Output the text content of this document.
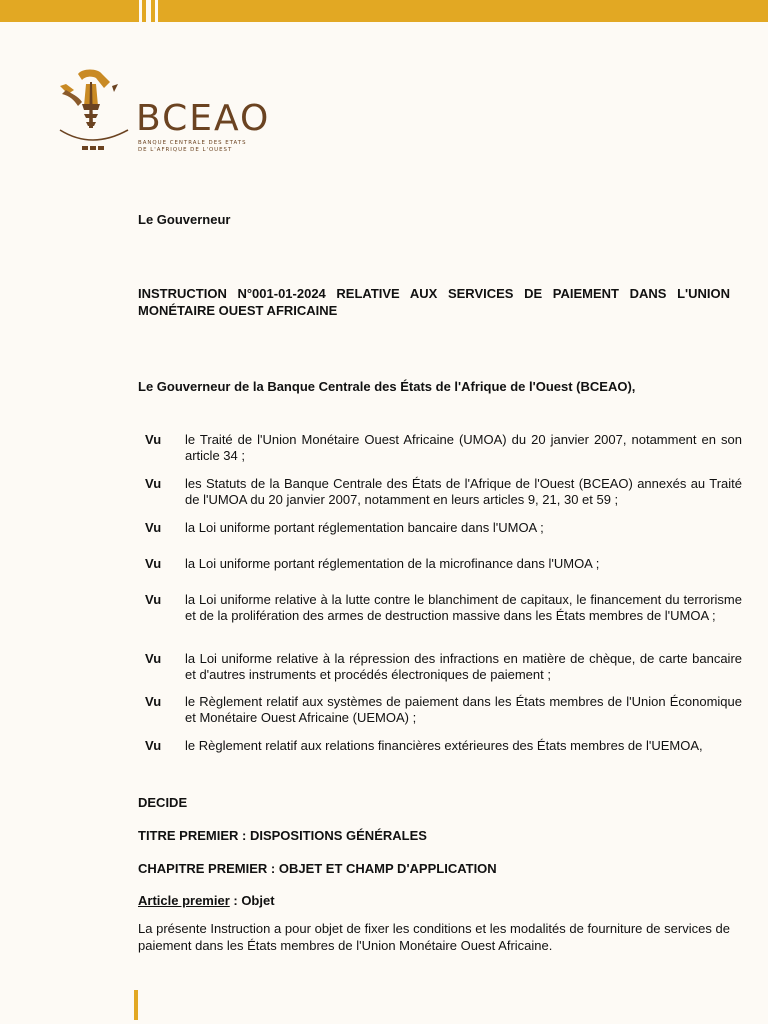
BCEAO
BANQUE CENTRALE DES ETATS
DE L'AFRIQUE DE L'OUEST
Le Gouverneur
INSTRUCTION N°001-01-2024 RELATIVE AUX SERVICES DE PAIEMENT DANS L'UNION MONÉTAIRE OUEST AFRICAINE
Le Gouverneur de la Banque Centrale des États de l'Afrique de l'Ouest (BCEAO),
Vu le Traité de l'Union Monétaire Ouest Africaine (UMOA) du 20 janvier 2007, notamment en son article 34 ;
Vu les Statuts de la Banque Centrale des États de l'Afrique de l'Ouest (BCEAO) annexés au Traité de l'UMOA du 20 janvier 2007, notamment en leurs articles 9, 21, 30 et 59 ;
Vu la Loi uniforme portant réglementation bancaire dans l'UMOA ;
Vu la Loi uniforme portant réglementation de la microfinance dans l'UMOA ;
Vu la Loi uniforme relative à la lutte contre le blanchiment de capitaux, le financement du terrorisme et de la prolifération des armes de destruction massive dans les États membres de l'UMOA ;
Vu la Loi uniforme relative à la répression des infractions en matière de chèque, de carte bancaire et d'autres instruments et procédés électroniques de paiement ;
Vu le Règlement relatif aux systèmes de paiement dans les États membres de l'Union Économique et Monétaire Ouest Africaine (UEMOA) ;
Vu le Règlement relatif aux relations financières extérieures des États membres de l'UEMOA,
DECIDE
TITRE PREMIER : DISPOSITIONS GÉNÉRALES
CHAPITRE PREMIER : OBJET ET CHAMP D'APPLICATION
Article premier : Objet
La présente Instruction a pour objet de fixer les conditions et les modalités de fourniture de services de paiement dans les États membres de l'Union Monétaire Ouest Africaine.
